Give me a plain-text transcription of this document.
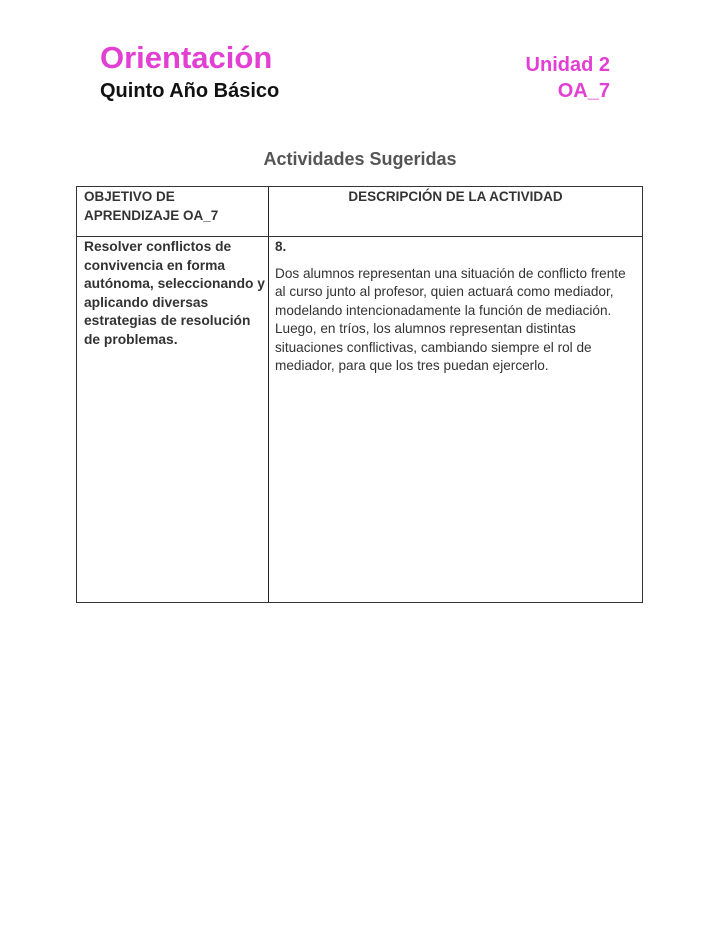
Orientación
Quinto Año Básico
Unidad 2
OA_7
Actividades Sugeridas
OBJETIVO DE APRENDIZAJE OA_7
DESCRIPCIÓN DE LA ACTIVIDAD
Resolver conflictos de convivencia en forma autónoma, seleccionando y aplicando diversas estrategias de resolución de problemas.
8.
Dos alumnos representan una situación de conflicto frente al curso junto al profesor, quien actuará como mediador, modelando intencionadamente la función de mediación. Luego, en tríos, los alumnos representan distintas situaciones conflictivas, cambiando siempre el rol de mediador, para que los tres puedan ejercerlo.
